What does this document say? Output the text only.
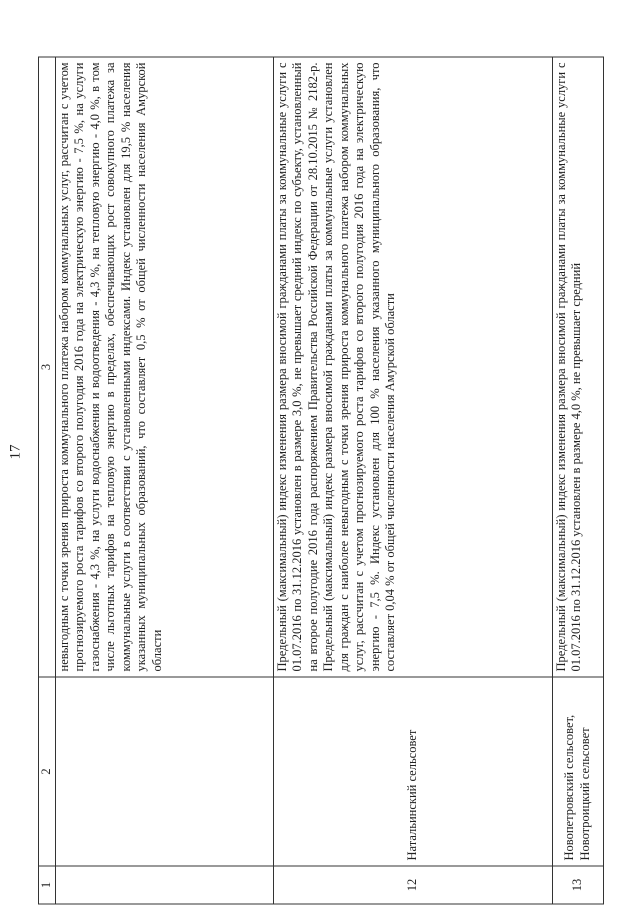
17
1	2	3
		невыгодным с точки зрения прироста коммунального платежа набором коммунальных услуг, рассчитан с учетом прогнозируемого роста тарифов со второго полугодия 2016 года на электрическую энергию - 7,5 %, на услуги газоснабжения - 4,3 %, на услуги водоснабжения и водоотведения - 4,3 %, на тепловую энергию - 4,0 %, в том числе льготных тарифов на тепловую энергию в пределах, обеспечивающих рост совокупного платежа за коммунальные услуги в соответствии с установленными индексами. Индекс установлен для 19,5 % населения указанных муниципальных образований, что составляет 0,5 % от общей численности населения Амурской области
12	Натальинский сельсовет	Предельный (максимальный) индекс изменения размера вносимой гражданами платы за коммунальные услуги с 01.07.2016 по 31.12.2016 установлен в размере 3,0 %, не превышает средний индекс по субъекту, установленный на второе полугодие 2016 года распоряжением Правительства Российской Федерации от 28.10.2015 № 2182-р. Предельный (максимальный) индекс размера вносимой гражданами платы за коммунальные услуги установлен для граждан с наиболее невыгодным с точки зрения прироста коммунального платежа набором коммунальных услуг, рассчитан с учетом прогнозируемого роста тарифов со второго полугодия 2016 года на электрическую энергию - 7,5 %. Индекс установлен для 100 % населения указанного муниципального образования, что составляет 0,04 % от общей численности населения Амурской области
13	Новопетровский сельсовет, Новотроицкий сельсовет	Предельный (максимальный) индекс изменения размера вносимой гражданами платы за коммунальные услуги с 01.07.2016 по 31.12.2016 установлен в размере 4,0 %, не превышает средний
